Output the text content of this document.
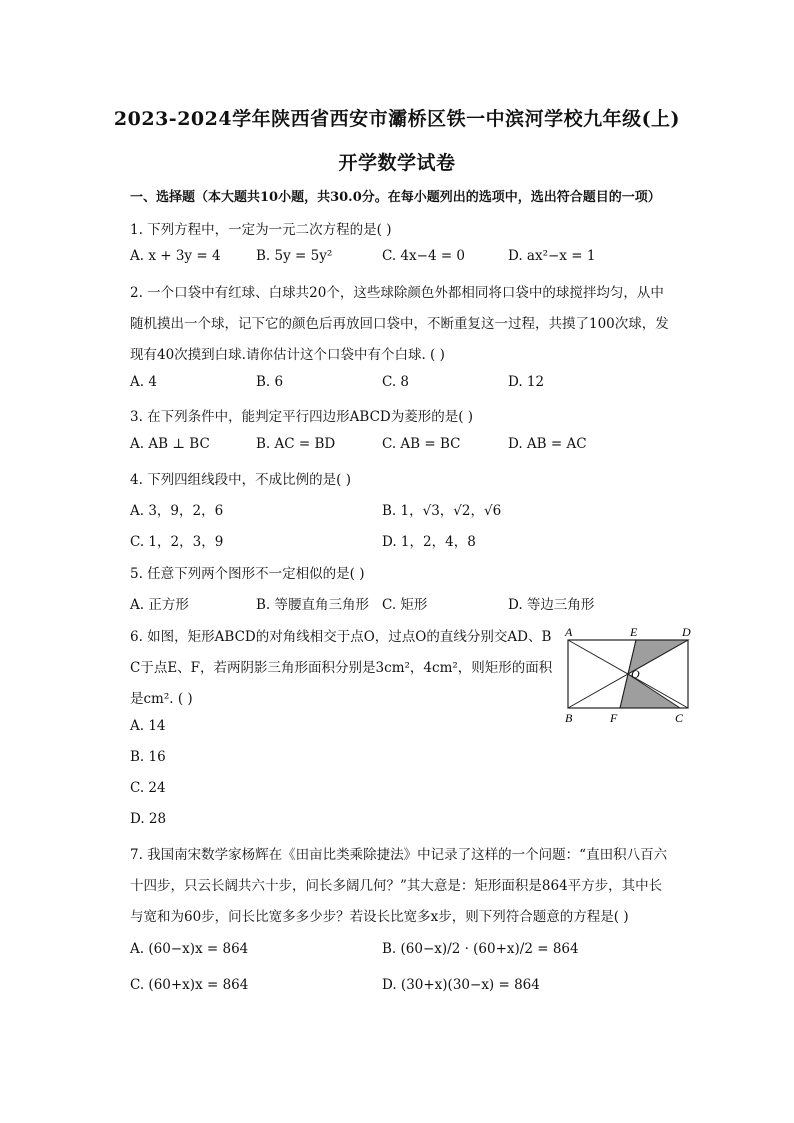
2023-2024学年陕西省西安市灞桥区铁一中滨河学校九年级(上)
开学数学试卷
一、选择题（本大题共10小题，共30.0分。在每小题列出的选项中，选出符合题目的一项）
1. 下列方程中，一定为一元二次方程的是( )
A. x + 3y = 4	B. 5y = 5y²	C. 4x−4 = 0	D. ax²−x = 1
2. 一个口袋中有红球、白球共20个，这些球除颜色外都相同将口袋中的球搅拌均匀，从中
随机摸出一个球，记下它的颜色后再放回口袋中，不断重复这一过程，共摸了100次球，发
现有40次摸到白球.请你估计这个口袋中有个白球. ( )
A. 4	B. 6	C. 8	D. 12
3. 在下列条件中，能判定平行四边形ABCD为菱形的是( )
A. AB ⊥ BC	B. AC = BD	C. AB = BC	D. AB = AC
4. 下列四组线段中，不成比例的是( )
A. 3，9，2，6	B. 1，√3，√2，√6
C. 1，2，3，9	D. 1，2，4，8
5. 任意下列两个图形不一定相似的是( )
A. 正方形	B. 等腰直角三角形 C. 矩形	D. 等边三角形
6. 如图，矩形ABCD的对角线相交于点O，过点O的直线分别交AD、B
C于点E、F，若两阴影三角形面积分别是3cm²，4cm²，则矩形的面积
是cm². ( )
A. 14
B. 16
C. 24
D. 28
A	E	D
O
B	F	C
7. 我国南宋数学家杨辉在《田亩比类乘除捷法》中记录了这样的一个问题：“直田积八百六
十四步，只云长阔共六十步，问长多阔几何？”其大意是：矩形面积是864平方步，其中长
与宽和为60步，问长比宽多多少步？若设长比宽多x步，则下列符合题意的方程是( )
A. (60−x)x = 864	B. (60−x)/2 · (60+x)/2 = 864
C. (60+x)x = 864	D. (30+x)(30−x) = 864
